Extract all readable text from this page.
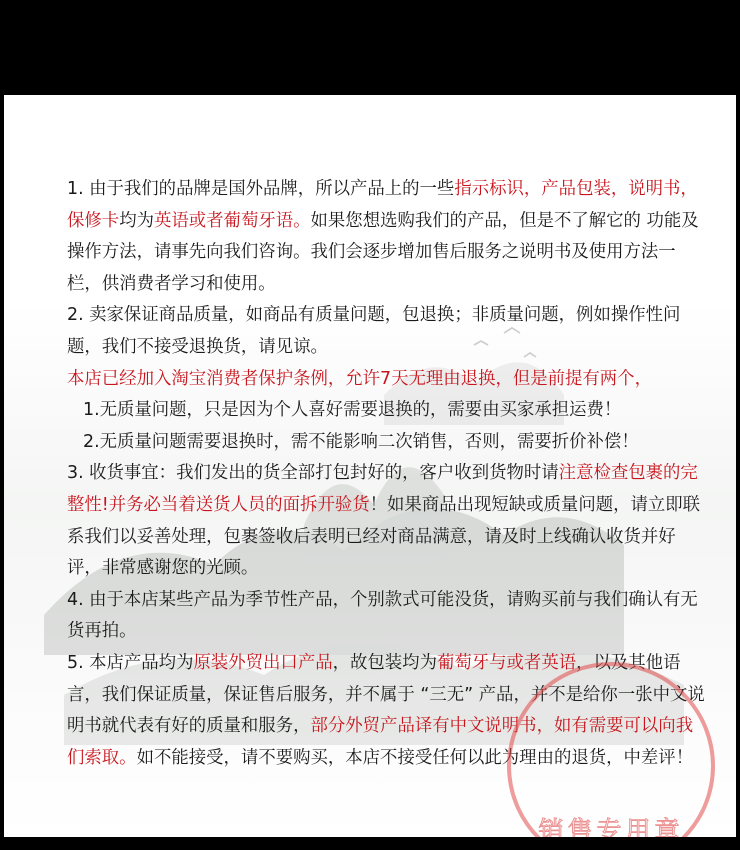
1. 由于我们的品牌是国外品牌，所以产品上的一些指示标识，产品包装，说明书，保修卡均为英语或者葡萄牙语。如果您想选购我们的产品，但是不了解它的 功能及操作方法，请事先向我们咨询。我们会逐步增加售后服务之说明书及使用方法一栏，供消费者学习和使用。

2. 卖家保证商品质量，如商品有质量问题，包退换；非质量问题，例如操作性问题，我们不接受退换货，请见谅。

本店已经加入淘宝消费者保护条例，允许7天无理由退换，但是前提有两个，

1.无质量问题，只是因为个人喜好需要退换的，需要由买家承担运费！

2.无质量问题需要退换时，需不能影响二次销售，否则，需要折价补偿！

3. 收货事宜：我们发出的货全部打包封好的，客户收到货物时请注意检查包裹的完整性!并务必当着送货人员的面拆开验货！如果商品出现短缺或质量问题，请立即联系我们以妥善处理，包裹签收后表明已经对商品满意，请及时上线确认收货并好评，非常感谢您的光顾。

4. 由于本店某些产品为季节性产品，个别款式可能没货，请购买前与我们确认有无货再拍。

5. 本店产品均为原装外贸出口产品，故包装均为葡萄牙与或者英语，以及其他语言，我们保证质量，保证售后服务，并不属于 “三无” 产品，并不是给你一张中文说明书就代表有好的质量和服务，部分外贸产品译有中文说明书，如有需要可以向我们索取。如不能接受，请不要购买，本店不接受任何以此为理由的退货，中差评！

销售专用章
